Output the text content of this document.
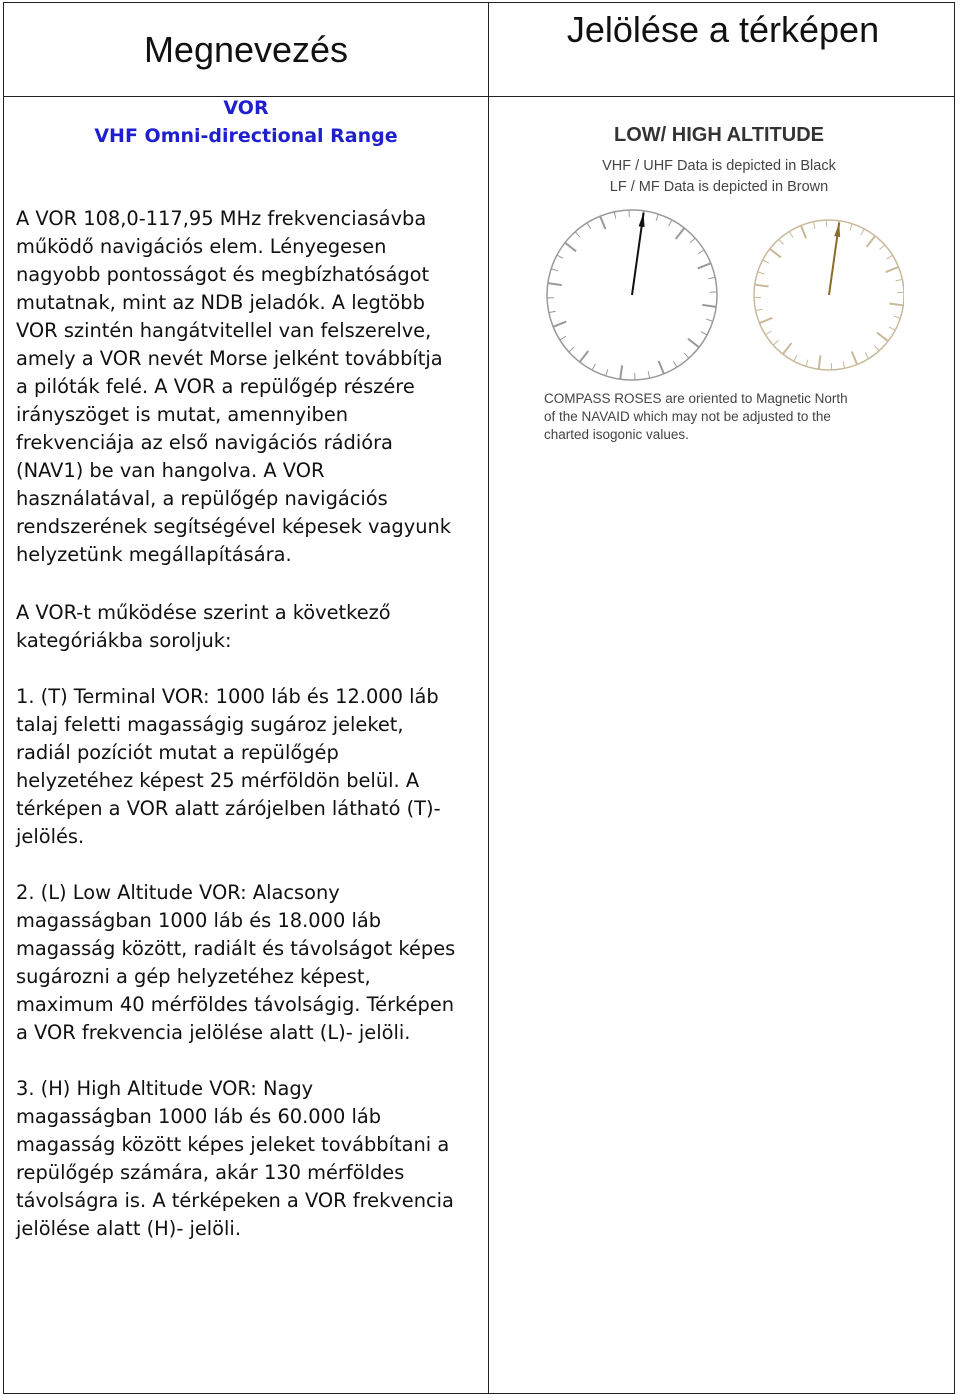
Megnevezés	Jelölése a térképen
VOR
VHF Omni-directional Range
A VOR 108,0-117,95 MHz frekvenciasávba
működő navigációs elem. Lényegesen
nagyobb pontosságot és megbízhatóságot
mutatnak, mint az NDB jeladók. A legtöbb
VOR szintén hangátvitellel van felszerelve,
amely a VOR nevét Morse jelként továbbítja
a pilóták felé. A VOR a repülőgép részére
irányszöget is mutat, amennyiben
frekvenciája az első navigációs rádióra
(NAV1) be van hangolva. A VOR
használatával, a repülőgép navigációs
rendszerének segítségével képesek vagyunk
helyzetünk megállapítására.
A VOR-t működése szerint a következő
kategóriákba soroljuk:
1. (T) Terminal VOR: 1000 láb és 12.000 láb
talaj feletti magasságig sugároz jeleket,
radiál pozíciót mutat a repülőgép
helyzetéhez képest 25 mérföldön belül. A
térképen a VOR alatt zárójelben látható (T)-
jelölés.
2. (L) Low Altitude VOR: Alacsony
magasságban 1000 láb és 18.000 láb
magasság között, radiált és távolságot képes
sugározni a gép helyzetéhez képest,
maximum 40 mérföldes távolságig. Térképen
a VOR frekvencia jelölése alatt (L)- jelöli.
3. (H) High Altitude VOR: Nagy
magasságban 1000 láb és 60.000 láb
magasság között képes jeleket továbbítani a
repülőgép számára, akár 130 mérföldes
távolságra is. A térképeken a VOR frekvencia
jelölése alatt (H)- jelöli.
LOW/ HIGH ALTITUDE
VHF / UHF Data is depicted in Black
LF / MF Data is depicted in Brown
COMPASS ROSES are oriented to Magnetic North
of the NAVAID which may not be adjusted to the
charted isogonic values.
